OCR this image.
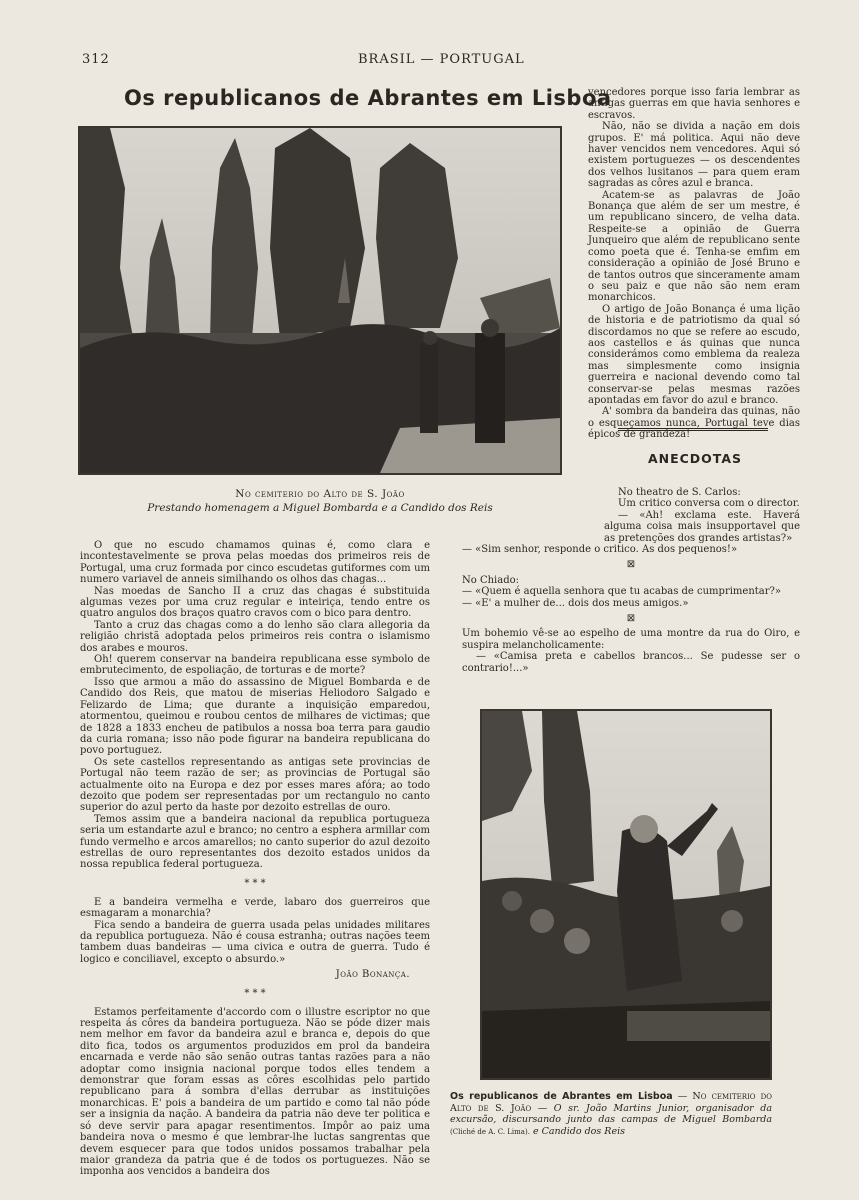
312	BRASIL — PORTUGAL
Os republicanos de Abrantes em Lisboa
No cemiterio do Alto de S. João
Prestando homenagem a Miguel Bombarda e a Candido dos Reis

O que no escudo chamamos quinas é, como clara e incontestavelmente se prova pelas moedas dos primeiros reis de Portugal, uma cruz formada por cinco escudetas gutiformes com um numero variavel de anneis similhando os olhos das chagas...

Nas moedas de Sancho II a cruz das chagas é substituida algumas vezes por uma cruz regular e inteiriça, tendo entre os quatro angulos dos braços quatro cravos com o bico para dentro.

Tanto a cruz das chagas como a do lenho são clara allegoria da religião christã adoptada pelos primeiros reis contra o islamismo dos arabes e mouros.

Oh! querem conservar na bandeira republicana esse symbolo de embrutecimento, de espoliação, de torturas e de morte?

Isso que armou a mão do assassino de Miguel Bombarda e de Candido dos Reis, que matou de miserias Heliodoro Salgado e Felizardo de Lima; que durante a inquisição emparedou, atormentou, queimou e roubou centos de milhares de victimas; que de 1828 a 1833 encheu de patibulos a nossa boa terra para gaudio da curia romana; isso não pode figurar na bandeira republicana do povo portuguez.

Os sete castellos representando as antigas sete provincias de Portugal não teem razão de ser; as provincias de Portugal são actualmente oito na Europa e dez por esses mares afóra; ao todo dezoito que podem ser representadas por um rectangulo no canto superior do azul perto da haste por dezoito estrellas de ouro.

Temos assim que a bandeira nacional da republica portugueza seria um estandarte azul e branco; no centro a esphera armillar com fundo vermelho e arcos amarellos; no canto superior do azul dezoito estrellas de ouro representantes dos dezoito estados unidos da nossa republica federal portugueza.

* * *

E a bandeira vermelha e verde, labaro dos guerreiros que esmagaram a monarchia?

Fica sendo a bandeira de guerra usada pelas unidades militares da republica portugueza. Não é cousa estranha; outras nações teem tambem duas bandeiras — uma civica e outra de guerra. Tudo é logico e conciliavel, excepto o absurdo.»

João Bonança.
* * *

Estamos perfeitamente d'accordo com o illustre escriptor no que respeita ás côres da bandeira portugueza. Não se póde dizer mais nem melhor em favor da bandeira azul e branca e, depois do que dito fica, todos os argumentos produzidos em prol da bandeira encarnada e verde não são senão outras tantas razões para a não adoptar como insignia nacional porque todos elles tendem a demonstrar que foram essas as côres escolhidas pelo partido republicano para á sombra d'ellas derrubar as instituições monarchicas. E' pois a bandeira de um partido e como tal não póde ser a insignia da nação. A bandeira da patria não deve ter politica e só deve servir para apagar resentimentos. Impôr ao paiz uma bandeira nova o mesmo é que lembrar-lhe luctas sangrentas que devem esquecer para que todos unidos possamos trabalhar pela maior grandeza da patria que é de todos os portuguezes. Não se imponha aos vencidos a bandeira dos

vencedores porque isso faria lembrar as antigas guerras em que havia senhores e escravos.

Não, não se divida a nação em dois grupos. E' má politica. Aqui não deve haver vencidos nem vencedores. Aqui só existem portuguezes — os descendentes dos velhos lusitanos — para quem eram sagradas as côres azul e branca.

Acatem-se as palavras de João Bonança que além de ser um mestre, é um republicano sincero, de velha data. Respeite-se a opinião de Guerra Junqueiro que além de republicano sente como poeta que é. Tenha-se emfim em consideração a opinião de José Bruno e de tantos outros que sinceramente amam o seu paiz e que não são nem eram monarchicos.

O artigo de João Bonança é uma lição de historia e de patriotismo da qual só discordamos no que se refere ao escudo, aos castellos e ás quinas que nunca considerámos como emblema da realeza mas simplesmente como insignia guerreira e nacional devendo como tal conservar-se pelas mesmas razões apontadas em favor do azul e branco.

A' sombra da bandeira das quinas, não o esqueçamos nunca, Portugal teve dias épicos de grandeza!

ANECDOTAS

No theatro de S. Carlos:

Um critico conversa com o director.

— «Ah! exclama este. Haverá alguma coisa mais insupportavel que as pretenções dos grandes artistas?»

— «Sim senhor, responde o critico. As dos pequenos!»

⊠

No Chiado:

— «Quem é aquella senhora que tu acabas de cumprimentar?»

— «E' a mulher de... dois dos meus amigos.»

⊠

Um bohemio vê-se ao espelho de uma montre da rua do Oiro, e suspira melancholicamente:

— «Camisa preta e cabellos brancos... Se pudesse ser o contrario!...»

Os republicanos de Abrantes em Lisboa — No cemiterio do Alto de S. João — O sr. João Martins Junior, organisador da excursão, discursando junto das campas de Miguel Bombarda (Cliché de A. C. Lima). e Candido dos Reis
